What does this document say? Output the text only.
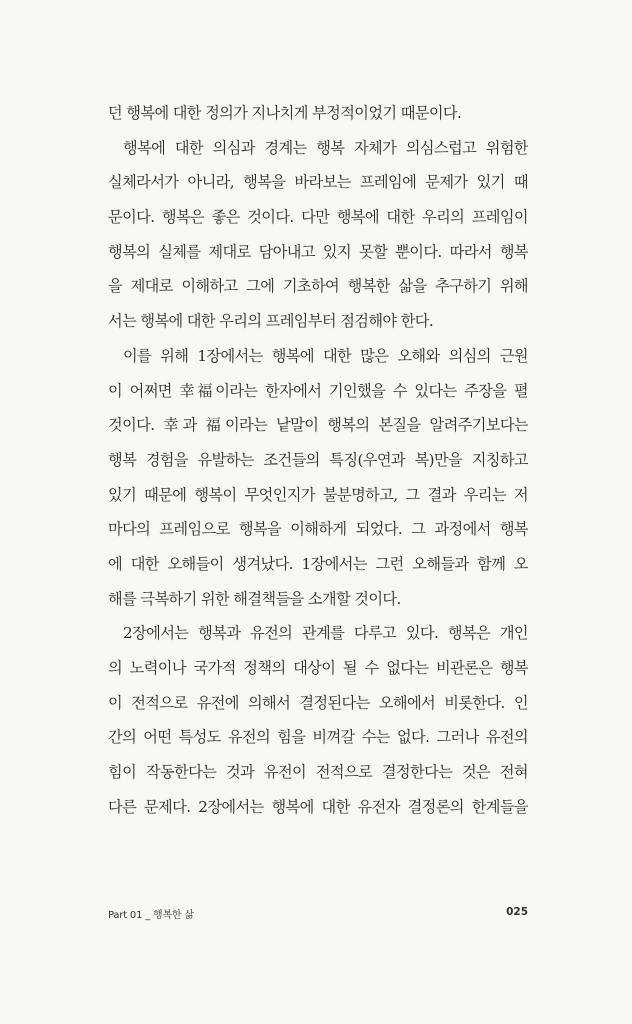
던 행복에 대한 정의가 지나치게 부정적이었기 때문이다.
행복에 대한 의심과 경계는 행복 자체가 의심스럽고 위험한
실체라서가 아니라, 행복을 바라보는 프레임에 문제가 있기 때
문이다. 행복은 좋은 것이다. 다만 행복에 대한 우리의 프레임이
행복의 실체를 제대로 담아내고 있지 못할 뿐이다. 따라서 행복
을 제대로 이해하고 그에 기초하여 행복한 삶을 추구하기 위해
서는 행복에 대한 우리의 프레임부터 점검해야 한다.
이를 위해 1장에서는 행복에 대한 많은 오해와 의심의 근원
이 어쩌면 幸福이라는 한자에서 기인했을 수 있다는 주장을 펼
것이다. 幸과 福이라는 낱말이 행복의 본질을 알려주기보다는
행복 경험을 유발하는 조건들의 특징(우연과 복)만을 지칭하고
있기 때문에 행복이 무엇인지가 불분명하고, 그 결과 우리는 저
마다의 프레임으로 행복을 이해하게 되었다. 그 과정에서 행복
에 대한 오해들이 생겨났다. 1장에서는 그런 오해들과 함께 오
해를 극복하기 위한 해결책들을 소개할 것이다.
2장에서는 행복과 유전의 관계를 다루고 있다. 행복은 개인
의 노력이나 국가적 정책의 대상이 될 수 없다는 비관론은 행복
이 전적으로 유전에 의해서 결정된다는 오해에서 비롯한다. 인
간의 어떤 특성도 유전의 힘을 비껴갈 수는 없다. 그러나 유전의
힘이 작동한다는 것과 유전이 전적으로 결정한다는 것은 전혀
다른 문제다. 2장에서는 행복에 대한 유전자 결정론의 한계들을
Part 01 _ 행복한 삶	025
